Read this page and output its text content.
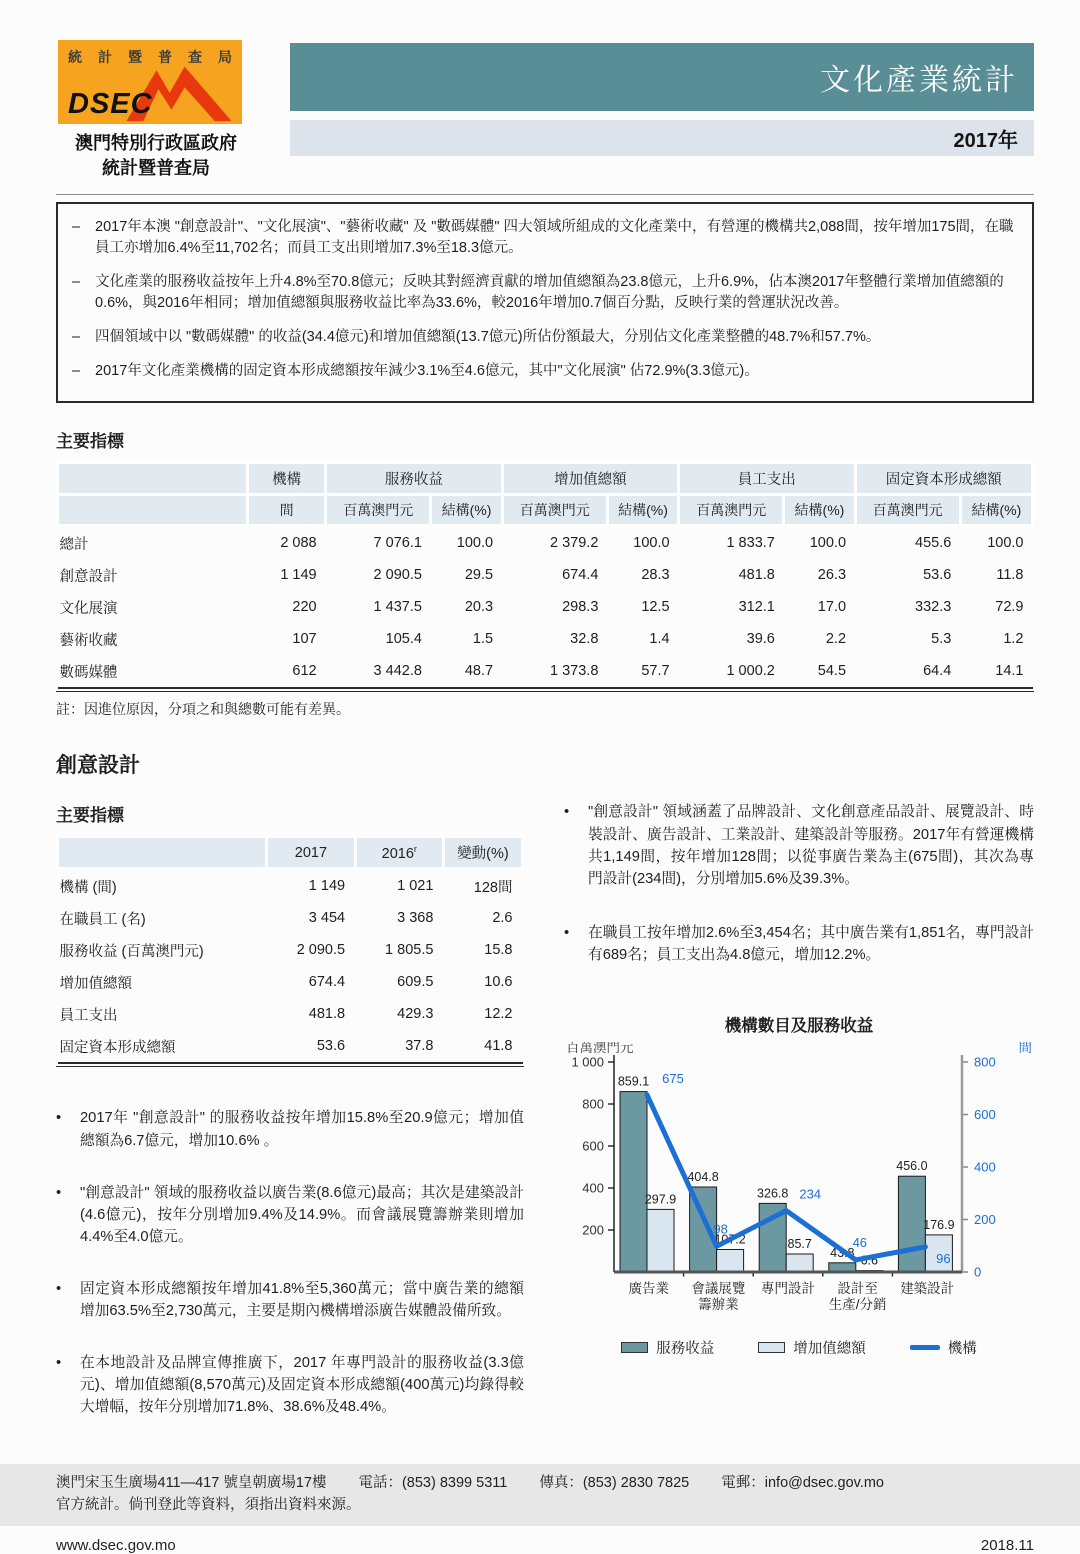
統計暨普查局
DSEC
澳門特別行政區政府
統計暨普查局
文化產業統計
2017年
– 2017年本澳 "創意設計"、"文化展演"、"藝術收藏" 及 "數碼媒體" 四大領域所組成的文化產業中，有營運的機構共2,088間，按年增加175間，在職員工亦增加6.4%至11,702名；而員工支出則增加7.3%至18.3億元。
– 文化產業的服務收益按年上升4.8%至70.8億元；反映其對經濟貢獻的增加值總額為23.8億元，上升6.9%，佔本澳2017年整體行業增加值總額的0.6%，與2016年相同；增加值總額與服務收益比率為33.6%，較2016年增加0.7個百分點，反映行業的營運狀況改善。
– 四個領域中以 "數碼媒體" 的收益(34.4億元)和增加值總額(13.7億元)所佔份額最大，分別佔文化產業整體的48.7%和57.7%。
– 2017年文化產業機構的固定資本形成總額按年減少3.1%至4.6億元，其中"文化展演" 佔72.9%(3.3億元)。
主要指標
	機構	服務收益		增加值總額		員工支出		固定資本形成總額	
	間	百萬澳門元	結構(%)	百萬澳門元	結構(%)	百萬澳門元	結構(%)	百萬澳門元	結構(%)
總計	2 088	7 076.1	100.0	2 379.2	100.0	1 833.7	100.0	455.6	100.0
創意設計	1 149	2 090.5	29.5	674.4	28.3	481.8	26.3	53.6	11.8
文化展演	220	1 437.5	20.3	298.3	12.5	312.1	17.0	332.3	72.9
藝術收藏	107	105.4	1.5	32.8	1.4	39.6	2.2	5.3	1.2
數碼媒體	612	3 442.8	48.7	1 373.8	57.7	1 000.2	54.5	64.4	14.1
註：因進位原因，分項之和與總數可能有差異。
創意設計
主要指標
	2017	2016$^r$	變動(%)
機構 (間)	1 149	1 021	128間
在職員工 (名)	3 454	3 368	2.6
服務收益 (百萬澳門元)	2 090.5	1 805.5	15.8
增加值總額	674.4	609.5	10.6
員工支出	481.8	429.3	12.2
固定資本形成總額	53.6	37.8	41.8
•	2017年 "創意設計" 的服務收益按年增加15.8%至20.9億元；增加值總額為6.7億元，增加10.6% 。
•	"創意設計" 領域的服務收益以廣告業(8.6億元)最高；其次是建築設計(4.6億元)，按年分別增加9.4%及14.9%。而會議展覽籌辦業則增加4.4%至4.0億元。
•	固定資本形成總額按年增加41.8%至5,360萬元；當中廣告業的總額增加63.5%至2,730萬元，主要是期內機構增添廣告媒體設備所致。
•	在本地設計及品牌宣傳推廣下，2017 年專門設計的服務收益(3.3億元)、增加值總額(8,570萬元)及固定資本形成總額(400萬元)均錄得較大增幅，按年分別增加71.8%、38.6%及48.4%。
•	"創意設計" 領域涵蓋了品牌設計、文化創意產品設計、展覽設計、時裝設計、廣告設計、工業設計、建築設計等服務。2017年有營運機構共1,149間，按年增加128間；以從事廣告業為主(675間)，其次為專門設計(234間)，分別增加5.6%及39.3%。
•	在職員工按年增加2.6%至3,454名；其中廣告業有1,851名，專門設計有689名；員工支出為4.8億元，增加12.2%。
機構數目及服務收益
1 000
800
600
400
200
800
600
400
200
0
859.1
404.8
326.8
43.8
456.0
297.9
107.2	85.7
6.6
176.9
675
98
234
46
96
廣告業 會議展覽籌辦業
專門設計	設計至生產/分銷
建築設計
百萬澳門元	間
服務收益	增加值總額	機構
澳門宋玉生廣場411—417 號皇朝廣場17樓 電話：(853) 8399 5311 傳真：(853) 2830 7825 電郵：info@dsec.gov.mo
官方統計。倘刊登此等資料，須指出資料來源。
www.dsec.gov.mo	2018.11
